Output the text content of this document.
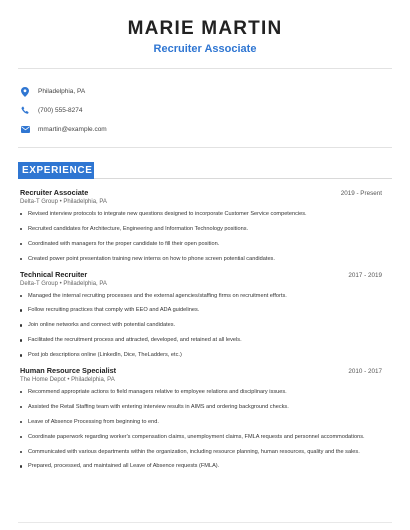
MARIE MARTIN
Recruiter Associate
Philadelphia, PA
(700) 555-8274
mmartin@example.com
EXPERIENCE
Recruiter Associate	2019 - Present
Delta-T Group • Philadelphia, PA
Revised interview protocols to integrate new questions designed to incorporate Customer Service competencies.
Recruited candidates for Architecture, Engineering and Information Technology positions.
Coordinated with managers for the proper candidate to fill their open position.
Created power point presentation training new interns on how to phone screen potential candidates.
Technical Recruiter	2017 - 2019
Delta-T Group • Philadelphia, PA
Managed the internal recruiting processes and the external agencies/staffing firms on recruitment efforts.
Follow recruiting practices that comply with EEO and ADA guidelines.
Join online networks and connect with potential candidates.
Facilitated the recruitment process and attracted, developed, and retained at all levels.
Post job descriptions online (LinkedIn, Dice, TheLadders, etc.)
Human Resource Specialist	2010 - 2017
The Home Depot • Philadelphia, PA
Recommend appropriate actions to field managers relative to employee relations and disciplinary issues.
Assisted the Retail Staffing team with entering interview results in AIMS and ordering background checks.
Leave of Absence Processing from beginning to end.
Coordinate paperwork regarding worker's compensation claims, unemployment claims, FMLA requests and personnel accommodations.
Communicated with various departments within the organization, including resource planning, human resources, quality and the sales.
Prepared, processed, and maintained all Leave of Absence requests (FMLA).
